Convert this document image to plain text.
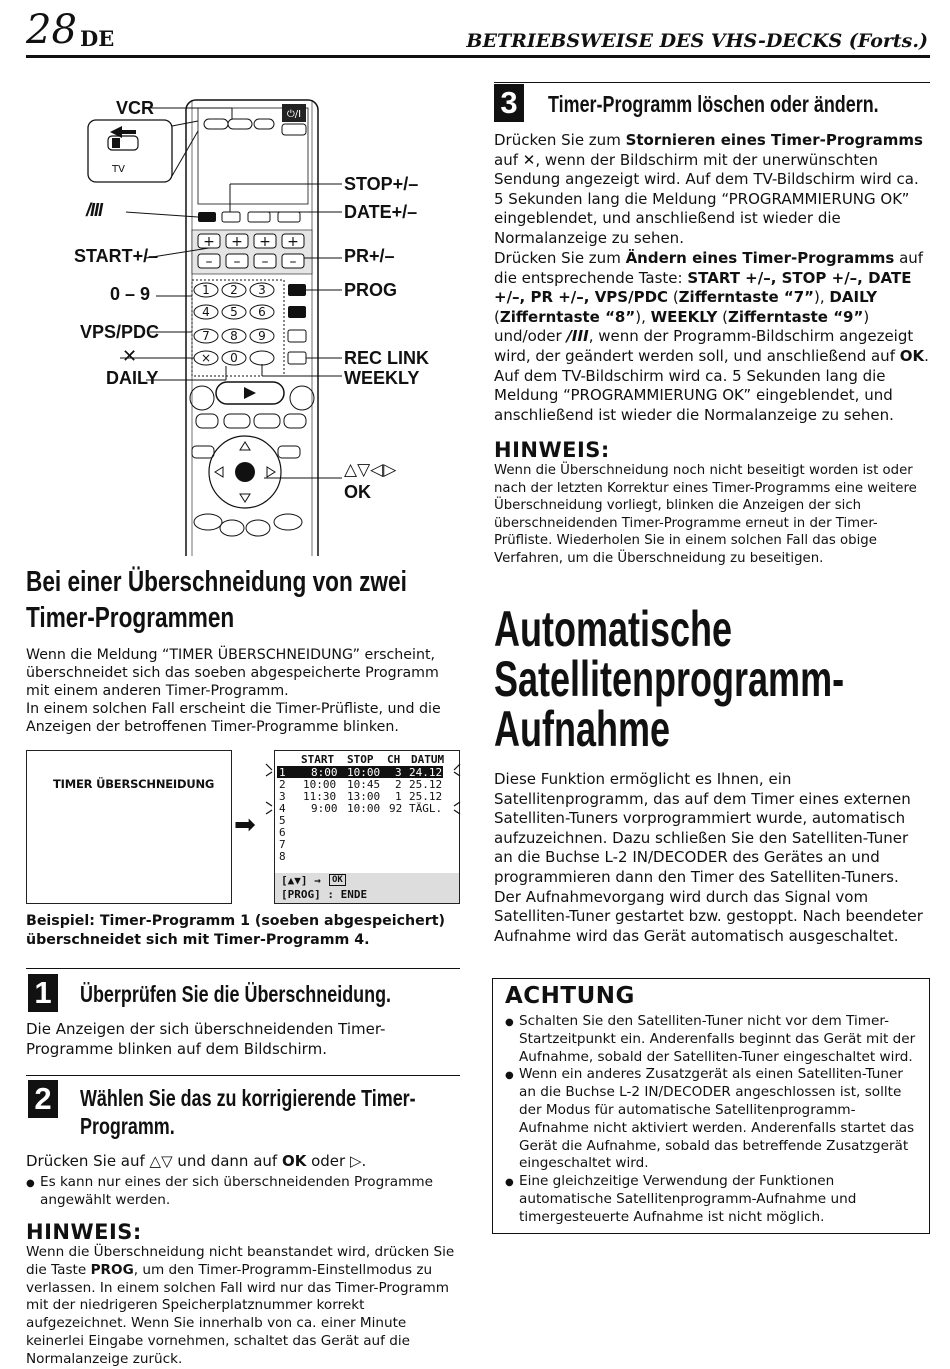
28 DE	BETRIEBSWEISE DES VHS-DECKS (Forts.)
⏻/I
+ + + +
– – – –
1 2 3
4 5 6
7 8 9
× 0
VCR
TV
/III
START+/–
0 – 9
VPS/PDC
✕
DAILY
STOP+/–
DATE+/–
PR+/–
PROG
REC LINK
WEEKLY
△▽◁▷
OK
Bei einer Überschneidung von zwei Timer-Programmen
Wenn die Meldung “TIMER ÜBERSCHNEIDUNG” erscheint, überschneidet sich das soeben abgespeicherte Programm mit einem anderen Timer-Programm.
In einem solchen Fall erscheint die Timer-Prüfliste, und die Anzeigen der betroffenen Timer-Programme blinken.
TIMER ÜBERSCHNEIDUNG
➡
START STOP CH DATUM
1 8:00 10:00 3 24.12
2 10:00 10:45 2 25.12
3 11:30 13:00 1 25.12
4 9:00 10:00 92 TÄGL.
5
6
7
8
[▲▼] →	OK
[PROG] : ENDE
Beispiel: Timer-Programm 1 (soeben abgespeichert) überschneidet sich mit Timer-Programm 4.
1 Überprüfen Sie die Überschneidung.
Die Anzeigen der sich überschneidenden Timer-Programme blinken auf dem Bildschirm.
2 Wählen Sie das zu korrigierende Timer-Programm.
Drücken Sie auf △▽ und dann auf OK oder ▷.
● Es kann nur eines der sich überschneidenden Programme angewählt werden.
HINWEIS:
Wenn die Überschneidung nicht beanstandet wird, drücken Sie die Taste PROG, um den Timer-Programm-Einstellmodus zu verlassen. In einem solchen Fall wird nur das Timer-Programm mit der niedrigeren Speicherplatznummer korrekt aufgezeichnet. Wenn Sie innerhalb von ca. einer Minute keinerlei Eingabe vornehmen, schaltet das Gerät auf die Normalanzeige zurück.
3 Timer-Programm löschen oder ändern.
Drücken Sie zum Stornieren eines Timer-Programms auf ✕, wenn der Bildschirm mit der unerwünschten Sendung angezeigt wird. Auf dem TV-Bildschirm wird ca. 5 Sekunden lang die Meldung “PROGRAMMIERUNG OK” eingeblendet, und anschließend ist wieder die Normalanzeige zu sehen.
Drücken Sie zum Ändern eines Timer-Programms auf die entsprechende Taste: START +/–, STOP +/–, DATE +/–, PR +/–, VPS/PDC (Zifferntaste “7”), DAILY (Zifferntaste “8”), WEEKLY (Zifferntaste “9”) und/oder /III, wenn der Programm-Bildschirm angezeigt wird, der geändert werden soll, und anschließend auf OK. Auf dem TV-Bildschirm wird ca. 5 Sekunden lang die Meldung “PROGRAMMIERUNG OK” eingeblendet, und anschließend ist wieder die Normalanzeige zu sehen.
HINWEIS:
Wenn die Überschneidung noch nicht beseitigt worden ist oder nach der letzten Korrektur eines Timer-Programms eine weitere Überschneidung vorliegt, blinken die Anzeigen der sich überschneidenden Timer-Programme erneut in der Timer-Prüfliste. Wiederholen Sie in einem solchen Fall das obige Verfahren, um die Überschneidung zu beseitigen.
Automatische
Satellitenprogramm-
Aufnahme
Diese Funktion ermöglicht es Ihnen, ein Satellitenprogramm, das auf dem Timer eines externen Satelliten-Tuners vorprogrammiert wurde, automatisch aufzuzeichnen. Dazu schließen Sie den Satelliten-Tuner an die Buchse L-2 IN/DECODER des Gerätes an und programmieren dann den Timer des Satelliten-Tuners. Der Aufnahmevorgang wird durch das Signal vom Satelliten-Tuner gestartet bzw. gestoppt. Nach beendeter Aufnahme wird das Gerät automatisch ausgeschaltet.
ACHTUNG
● Schalten Sie den Satelliten-Tuner nicht vor dem Timer-Startzeitpunkt ein. Anderenfalls beginnt das Gerät mit der Aufnahme, sobald der Satelliten-Tuner eingeschaltet wird.
● Wenn ein anderes Zusatzgerät als einen Satelliten-Tuner an die Buchse L-2 IN/DECODER angeschlossen ist, sollte der Modus für automatische Satellitenprogramm-Aufnahme nicht aktiviert werden. Anderenfalls startet das Gerät die Aufnahme, sobald das betreffende Zusatzgerät eingeschaltet wird.
● Eine gleichzeitige Verwendung der Funktionen automatische Satellitenprogramm-Aufnahme und timergesteuerte Aufnahme ist nicht möglich.
